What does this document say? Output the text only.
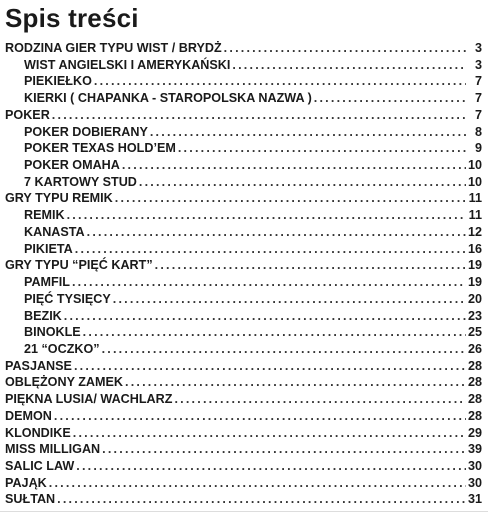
Spis treści
RODZINA GIER TYPU WIST / BRYDŻ .....	3
WIST ANGIELSKI I AMERYKAŃSKI .....	3
PIEKIEŁKO .....	7
KIERKI ( CHAPANKA - STAROPOLSKA NAZWA ) .....	7
POKER .....	7
POKER DOBIERANY .....	8
POKER TEXAS HOLD’EM .....	9
POKER OMAHA .....	10
7 KARTOWY STUD .....	10
GRY TYPU REMIK .....	11
REMIK .....	11
KANASTA .....	12
PIKIETA .....	16
GRY TYPU “PIĘĆ KART” .....	19
PAMFIL .....	19
PIĘĆ TYSIĘCY .....	20
BEZIK .....	23
BINOKLE .....	25
21 “OCZKO” .....	26
PASJANSE .....	28
OBLĘŻONY ZAMEK .....	28
PIĘKNA LUSIA/ WACHLARZ .....	28
DEMON .....	28
KLONDIKE .....	29
MISS MILLIGAN .....	39
SALIC LAW .....	30
PAJĄK .....	30
SUŁTAN .....	31
